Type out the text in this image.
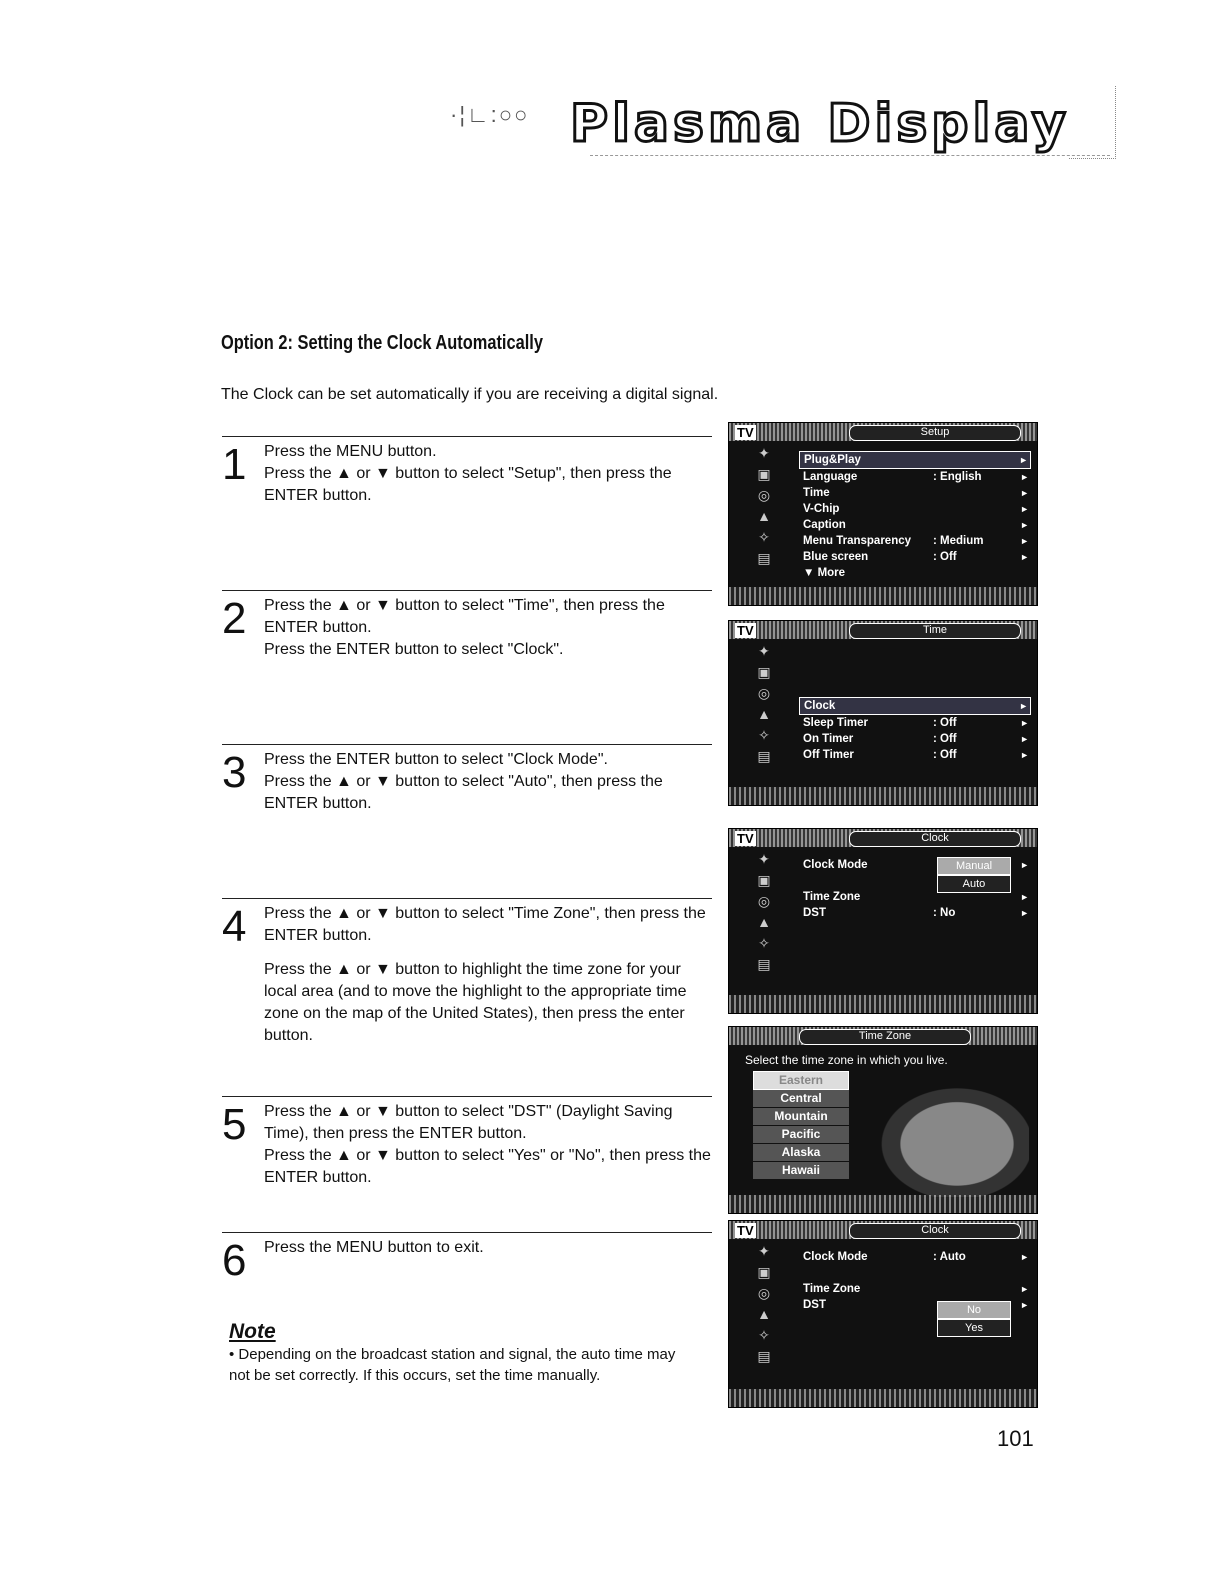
·¦∟:○○ Plasma Display
Option 2: Setting the Clock Automatically
The Clock can be set automatically if you are receiving a digital signal.
1 Press the MENU button.

Press the ▲ or ▼ button to select "Setup", then press the ENTER button.

2 Press the ▲ or ▼ button to select "Time", then press the ENTER button.

Press the ENTER button to select "Clock".

3 Press the ENTER button to select "Clock Mode".

Press the ▲ or ▼ button to select "Auto", then press the ENTER button.

4 Press the ▲ or ▼ button to select "Time Zone", then press the ENTER button.

Press the ▲ or ▼ button to highlight the time zone for your local area (and to move the highlight to the appropriate time zone on the map of the United States), then press the enter button.

5 Press the ▲ or ▼ button to select "DST" (Daylight Saving Time), then press the ENTER button.

Press the ▲ or ▼ button to select "Yes" or "No", then press the ENTER button.

6 Press the MENU button to exit.

Note

• Depending on the broadcast station and signal, the auto time may not be set correctly. If this occurs, set the time manually.

101
TV	Setup
✦
▣
◎
▲
✧
▤
Plug&Play	►
Language	: English	►
Time	►
V-Chip	►
Caption	►
Menu Transparency : Medium	►
Blue screen	: Off	►
▼ More
TV	Time
✦
▣
◎
▲
✧
▤
Clock	►
Sleep Timer	: Off	►
On Timer	: Off	►
Off Timer	: Off	►
TV	Clock
✦
▣
◎
▲
✧
▤
Clock Mode	►
Time Zone	►
DST	: No	►
Manual
Auto
Time Zone
Select the time zone in which you live.
Eastern
Central
Mountain
Pacific
Alaska
Hawaii
TV	Clock
✦
▣
◎
▲
✧
▤
Clock Mode	: Auto	►
Time Zone	►
DST	►
No
Yes
